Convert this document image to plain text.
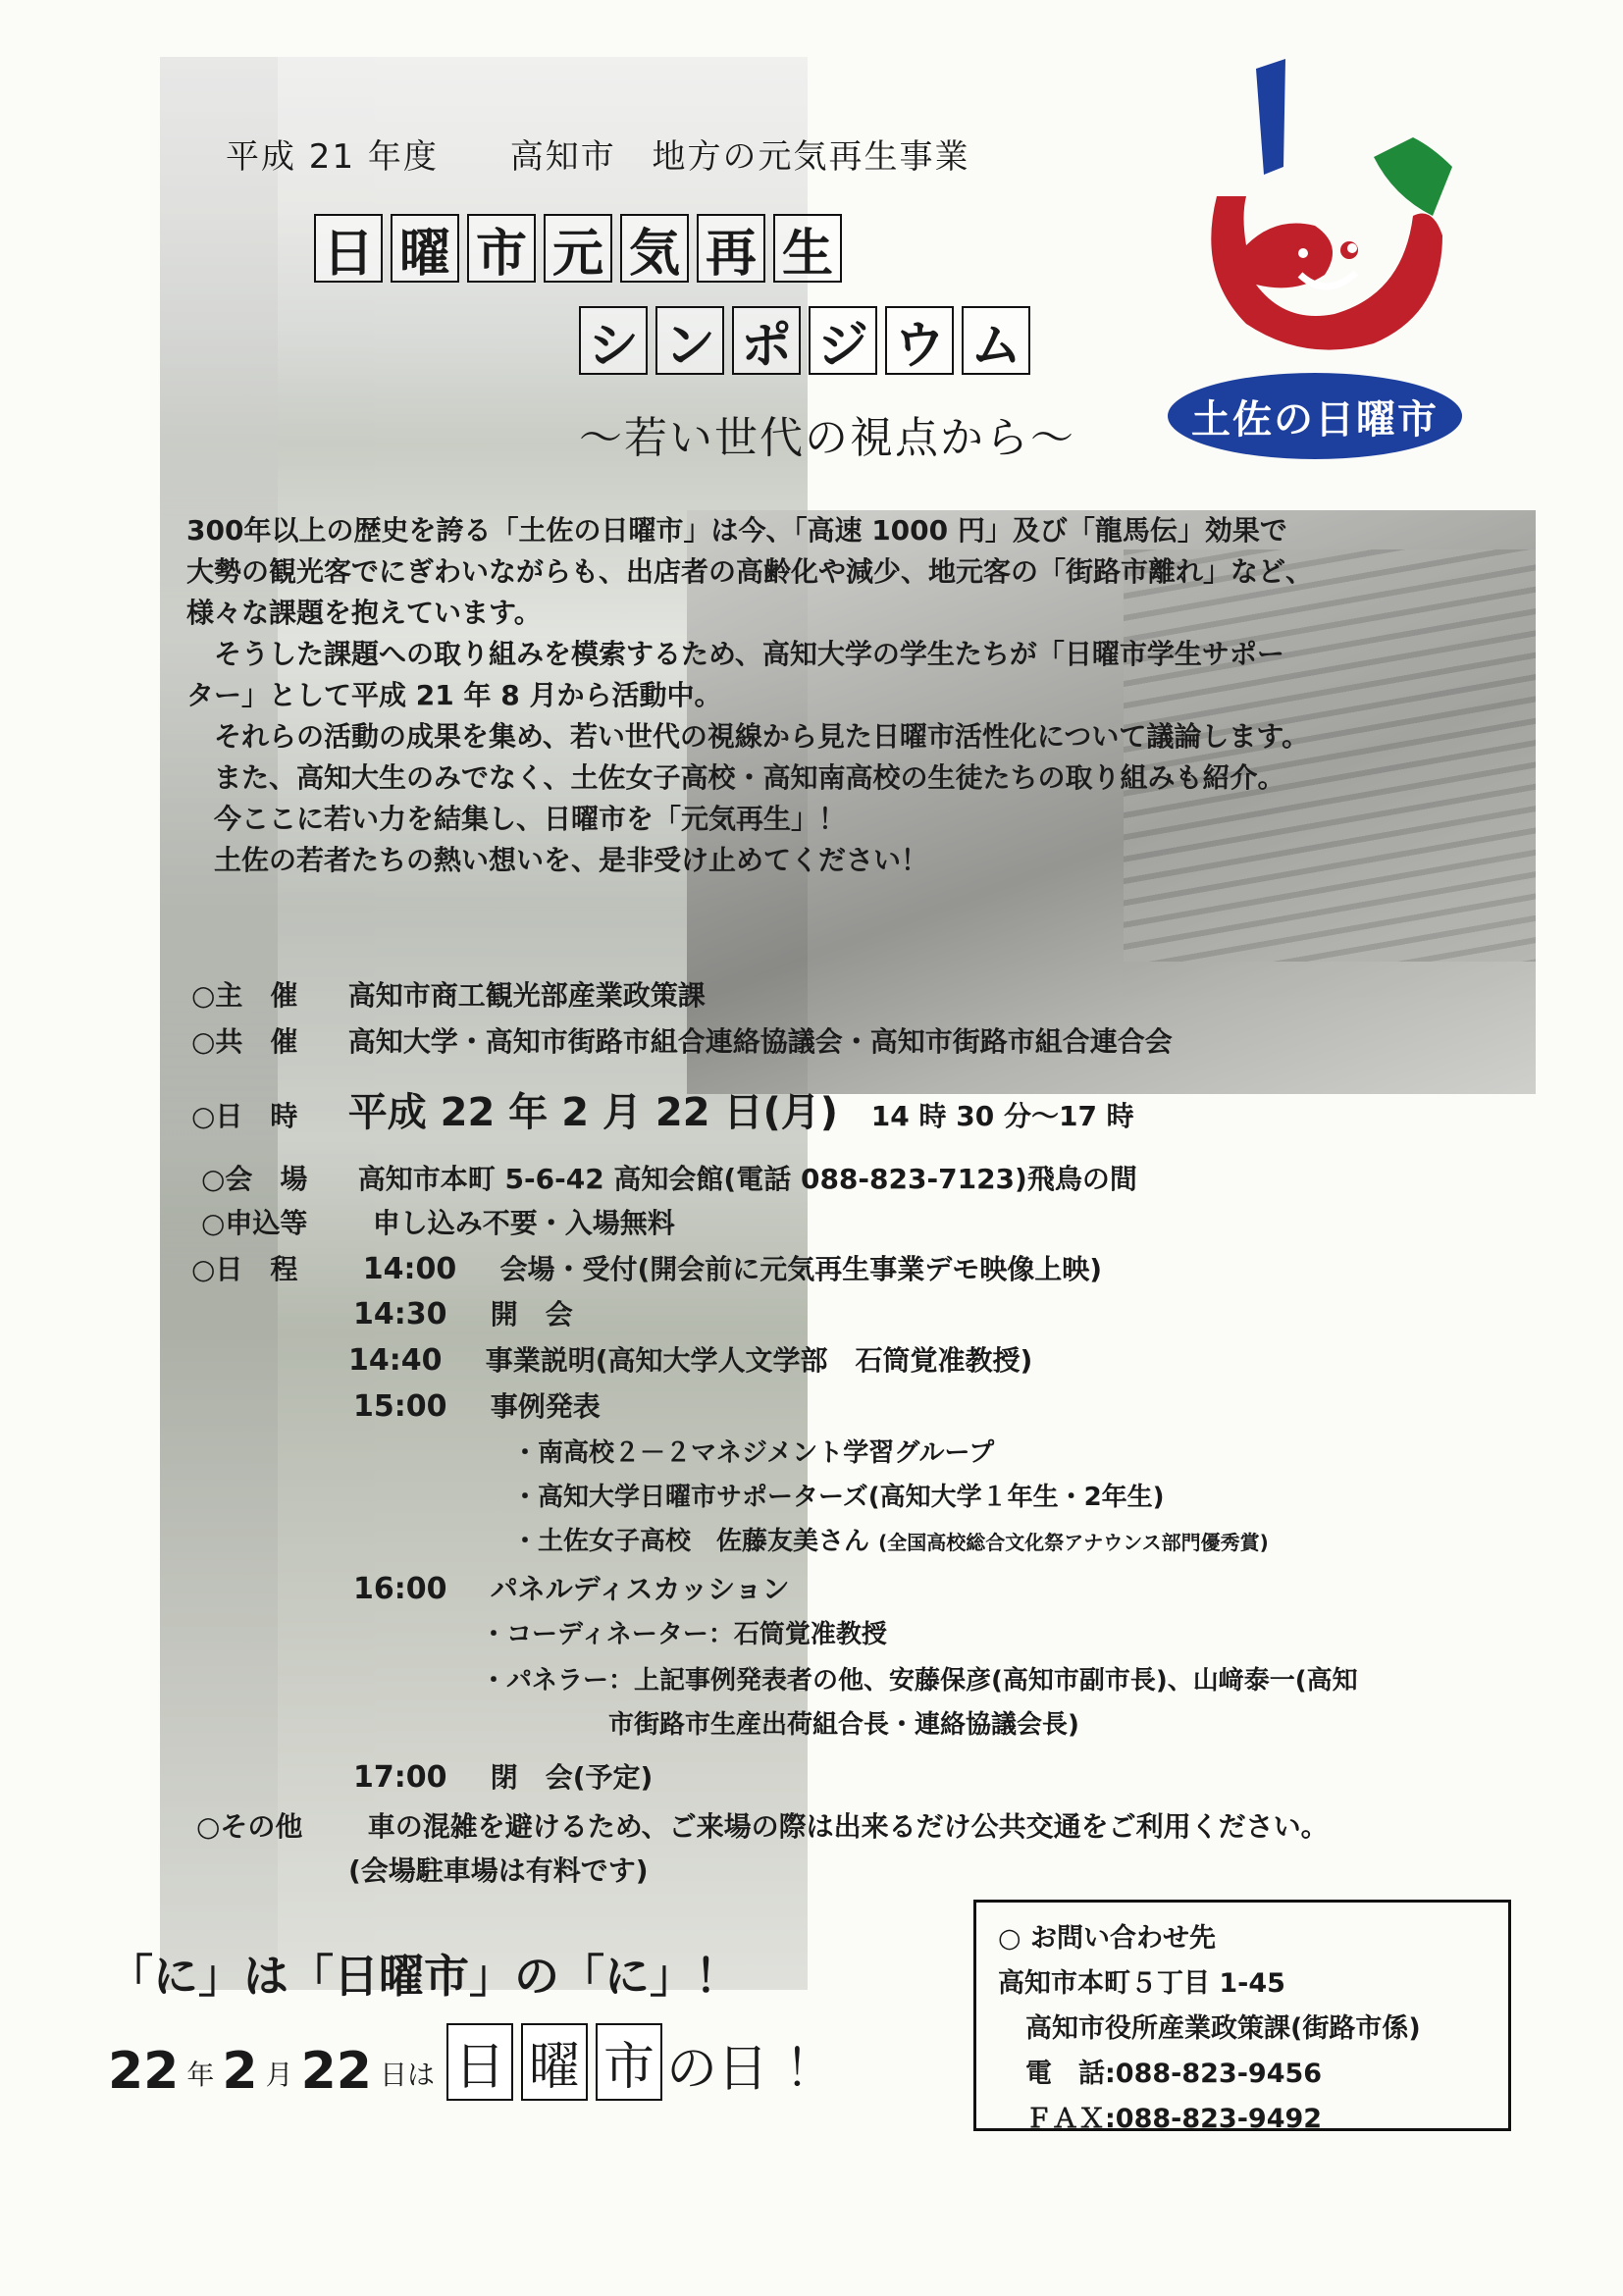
平成 21 年度 高知市 地方の元気再生事業
日 曜 市 元 気 再 生
シ ン ポ ジ ウ ム
〜若い世代の視点から〜	土佐の日曜市

300年以上の歴史を誇る「土佐の日曜市」は今、「高速 1000 円」及び「龍馬伝」効果で

大勢の観光客でにぎわいながらも、出店者の高齢化や減少、地元客の「街路市離れ」など、

様々な課題を抱えています。

そうした課題への取り組みを模索するため、高知大学の学生たちが「日曜市学生サポー

ター」として平成 21 年 8 月から活動中。

それらの活動の成果を集め、若い世代の視線から見た日曜市活性化について議論します。

また、高知大生のみでなく、土佐女子高校・高知南高校の生徒たちの取り組みも紹介。

今ここに若い力を結集し、日曜市を「元気再生」！

土佐の若者たちの熱い想いを、是非受け止めてください！

○主　催 高知市商工観光部産業政策課
○共　催 高知大学・高知市街路市組合連絡協議会・高知市街路市組合連合会
○日　時 平成 22 年 2 月 22 日(月) 14 時 30 分〜17 時
○会　場 高知市本町 5-6-42 高知会館(電話 088-823-7123)飛鳥の間
○申込等 申し込み不要・入場無料
○日　程 14:00 会場・受付(開会前に元気再生事業デモ映像上映)
14:30 開　会
14:40 事業説明(高知大学人文学部　石筒覚准教授)
15:00 事例発表
・南高校２－２マネジメント学習グループ
・高知大学日曜市サポーターズ(高知大学１年生・2年生)
・土佐女子高校　佐藤友美さん (全国高校総合文化祭アナウンス部門優秀賞)
16:00 パネルディスカッション
・コーディネーター：石筒覚准教授
・パネラー：上記事例発表者の他、安藤保彦(高知市副市長)、山﨑泰一(高知
市街路市生産出荷組合長・連絡協議会長)
17:00 閉　会(予定)
○その他 車の混雑を避けるため、ご来場の際は出来るだけ公共交通をご利用ください。
(会場駐車場は有料です)
○ お問い合わせ先
高知市本町５丁目 1-45
高知市役所産業政策課(街路市係)
電　話:088-823-9456
ＦＡＸ:088-823-9492
「に」は「日曜市」の「に」！
22 年 2 月 22 日は 日 曜 市 の日 ！
